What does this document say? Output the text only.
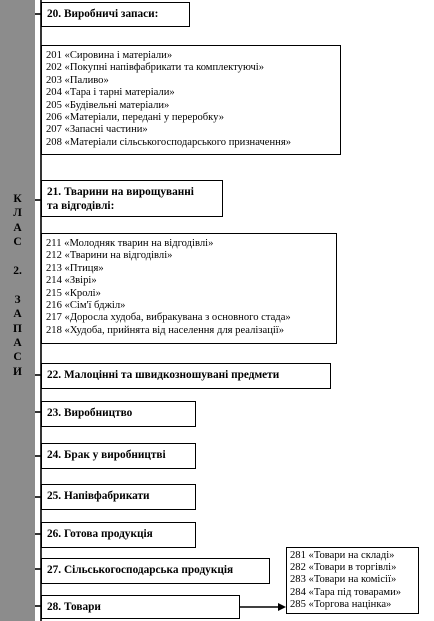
К
Л
А
С

2.

З
А
П
А
С
И
20. Виробничі запаси:
201 «Сировина і матеріали»
202 «Покупні напівфабрикати та комплектуючі»
203 «Паливо»
204 «Тара і тарні матеріали»
205 «Будівельні матеріали»
206 «Матеріали, передані у переробку»
207 «Запасні частини»
208 «Матеріали сільськогосподарського призначення»
21. Тварини на вирощуванні
та відгодівлі:
211 «Молодняк тварин на відгодівлі»
212 «Тварини на відгодівлі»
213 «Птиця»
214 «Звірі»
215 «Кролі»
216 «Сім'ї бджіл»
217 «Доросла худоба, вибракувана з основного стада»
218 «Худоба, прийнята від населення для реалізації»
22. Малоцінні та швидкозношувані предмети
23. Виробництво
24. Брак у виробництві
25. Напівфабрикати
26. Готова продукція
27. Сільськогосподарська продукція
28. Товари
281 «Товари на складі»
282 «Товари в торгівлі»
283 «Товари на комісії»
284 «Тара під товарами»
285 «Торгова націнка»
